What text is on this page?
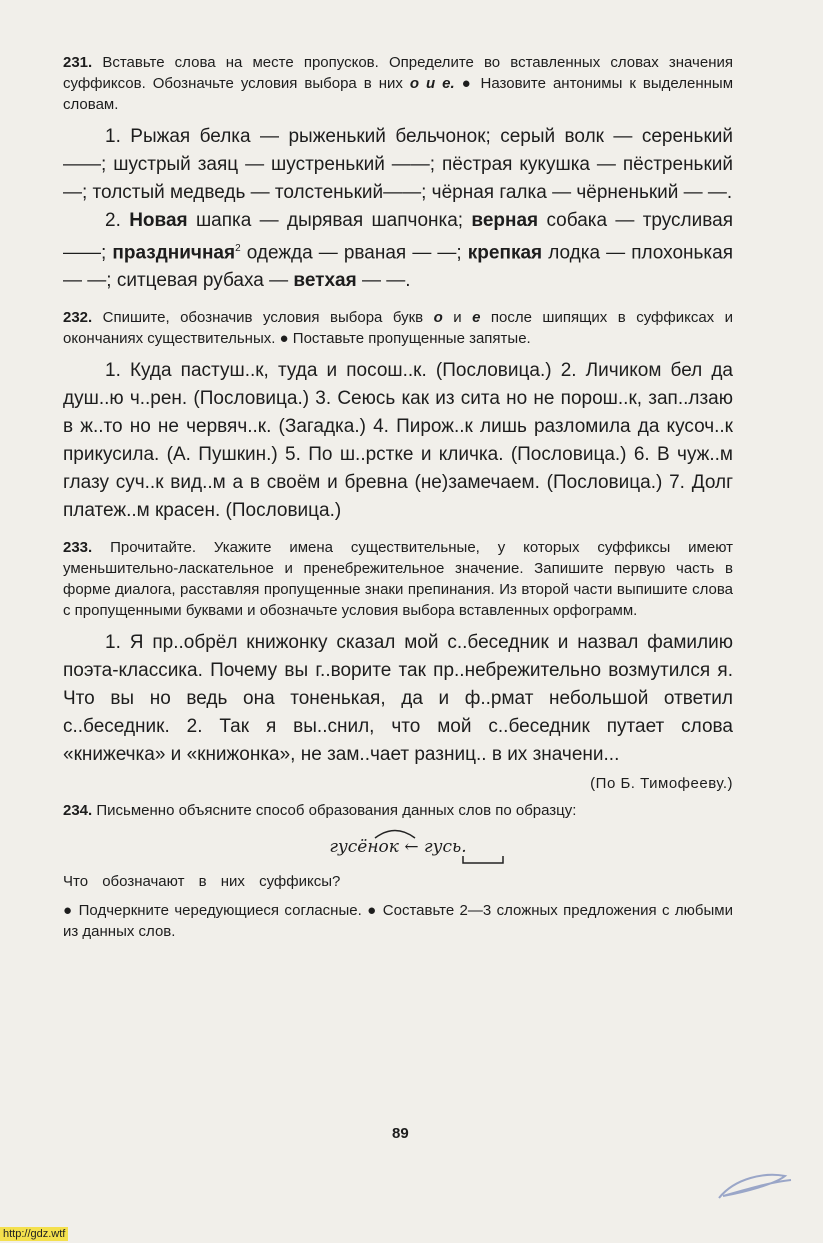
231. Вставьте слова на месте пропусков. Определите во вставленных словах значения суффиксов. Обозначьте условия выбора в них о и е. ● Назовите антонимы к выделенным словам.

1. Рыжая белка — рыженький бельчонок; серый волк — серенький ——; шустрый заяц — шустренький ——; пёстрая кукушка — пёстренький —; толстый медведь — толстенький——; чёрная галка — чёрненький — —.

2. Новая шапка — дырявая шапчонка; верная собака — трусливая ——; праздничная$^2$ одежда — рваная — —; крепкая лодка — плохонькая — —; ситцевая рубаха — ветхая — —.

232. Спишите, обозначив условия выбора букв о и е после шипящих в суффиксах и окончаниях существительных. ● Поставьте пропущенные запятые.

1. Куда пастуш..к, туда и посош..к. (Пословица.) 2. Личиком бел да душ..ю ч..рен. (Пословица.) 3. Сеюсь как из сита но не порош..к, зап..лзаю в ж..то но не червяч..к. (Загадка.) 4. Пирож..к лишь разломила да кусоч..к прикусила. (А. Пушкин.) 5. По ш..рстке и кличка. (Пословица.) 6. В чуж..м глазу суч..к вид..м а в своём и бревна (не)замечаем. (Пословица.) 7. Долг платеж..м красен. (Пословица.)

233. Прочитайте. Укажите имена существительные, у которых суффиксы имеют уменьшительно-ласкательное и пренебрежительное значение. Запишите первую часть в форме диалога, расставляя пропущенные знаки препинания. Из второй части выпишите слова с пропущенными буквами и обозначьте условия выбора вставленных орфограмм.

1. Я пр..обрёл книжонку сказал мой с..беседник и назвал фамилию поэта-классика. Почему вы г..ворите так пр..небрежительно возмутился я. Что вы но ведь она тоненькая, да и ф..рмат небольшой ответил с..беседник. 2. Так я вы..снил, что мой с..беседник путает слова «книжечка» и «книжонка», не зам..чает разниц.. в их значени...

(По Б. Тимофееву.)

234. Письменно объясните способ образования данных слов по образцу:

гусёнок ← гусь.

Что обозначают в них суффиксы?

● Подчеркните чередующиеся согласные. ● Составьте 2—3 сложных предложения с любыми из данных слов.

89
http://gdz.wtf
